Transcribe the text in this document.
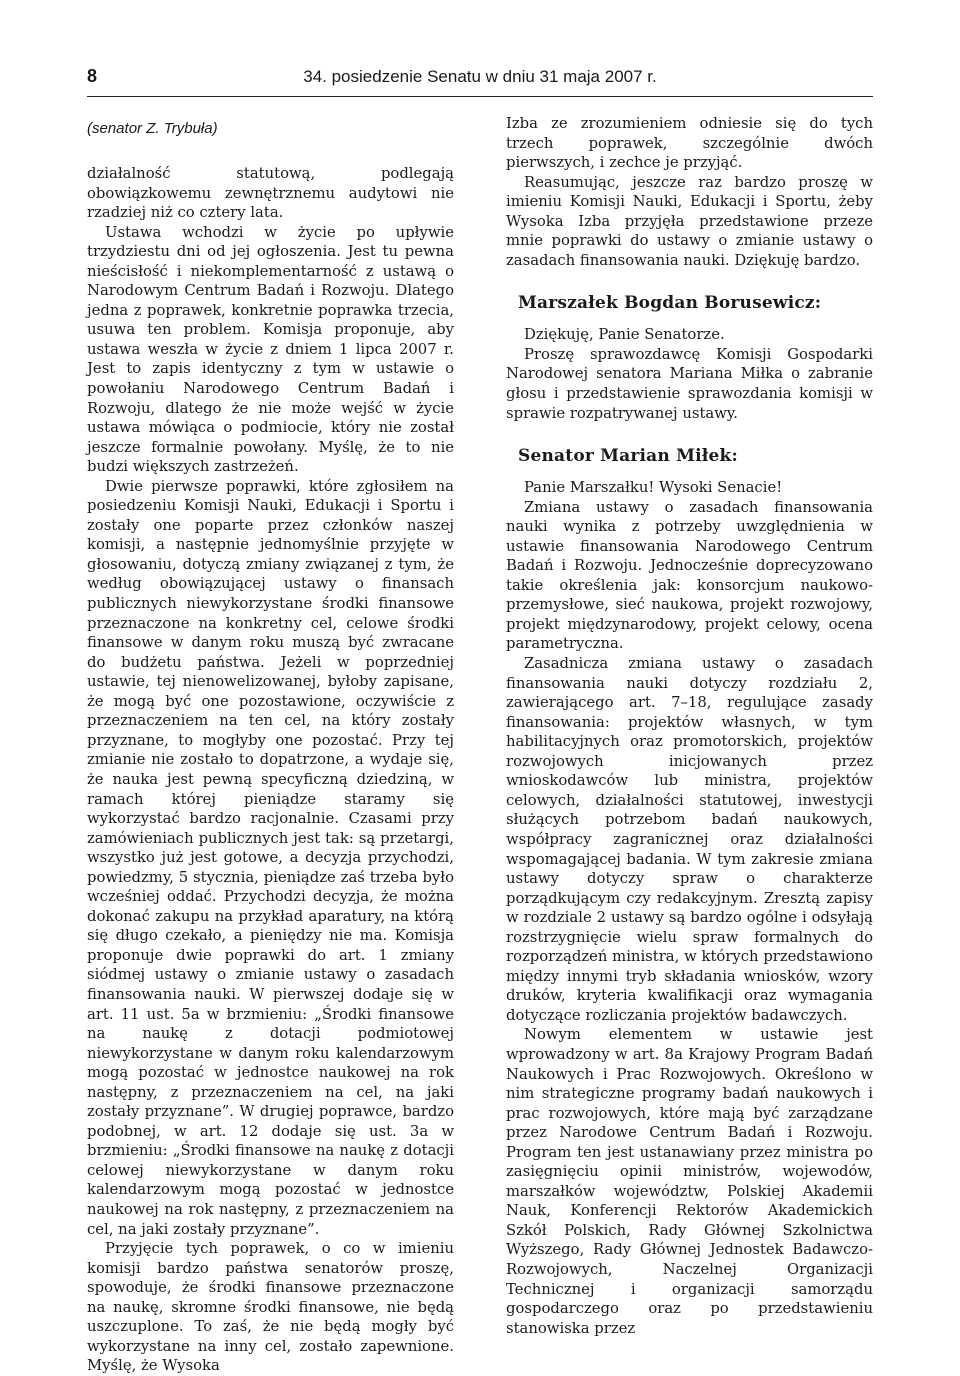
8	34. posiedzenie Senatu w dniu 31 maja 2007 r.
(senator Z. Trybuła)

działalność statutową, podlegają obowiązkowemu zewnętrznemu audytowi nie rzadziej niż co cztery lata.

Ustawa wchodzi w życie po upływie trzydziestu dni od jej ogłoszenia. Jest tu pewna nieścisłość i niekomplementarność z ustawą o Narodowym Centrum Badań i Rozwoju. Dlatego jedna z poprawek, konkretnie poprawka trzecia, usuwa ten problem. Komisja proponuje, aby ustawa weszła w życie z dniem 1 lipca 2007 r. Jest to zapis identyczny z tym w ustawie o powołaniu Narodowego Centrum Badań i Rozwoju, dlatego że nie może wejść w życie ustawa mówiąca o podmiocie, który nie został jeszcze formalnie powołany. Myślę, że to nie budzi większych zastrzeżeń.

Dwie pierwsze poprawki, które zgłosiłem na posiedzeniu Komisji Nauki, Edukacji i Sportu i zostały one poparte przez członków naszej komisji, a następnie jednomyślnie przyjęte w głosowaniu, dotyczą zmiany związanej z tym, że według obowiązującej ustawy o finansach publicznych niewykorzystane środki finansowe przeznaczone na konkretny cel, celowe środki finansowe w danym roku muszą być zwracane do budżetu państwa. Jeżeli w poprzedniej ustawie, tej nienowelizowanej, byłoby zapisane, że mogą być one pozostawione, oczywiście z przeznaczeniem na ten cel, na który zostały przyznane, to mogłyby one pozostać. Przy tej zmianie nie zostało to dopatrzone, a wydaje się, że nauka jest pewną specyficzną dziedziną, w ramach której pieniądze staramy się wykorzystać bardzo racjonalnie. Czasami przy zamówieniach publicznych jest tak: są przetargi, wszystko już jest gotowe, a decyzja przychodzi, powiedzmy, 5 stycznia, pieniądze zaś trzeba było wcześniej oddać. Przychodzi decyzja, że można dokonać zakupu na przykład aparatury, na którą się długo czekało, a pieniędzy nie ma. Komisja proponuje dwie poprawki do art. 1 zmiany siódmej ustawy o zmianie ustawy o zasadach finansowania nauki. W pierwszej dodaje się w art. 11 ust. 5a w brzmieniu: „Środki finansowe na naukę z dotacji podmiotowej niewykorzystane w danym roku kalendarzowym mogą pozostać w jednostce naukowej na rok następny, z przeznaczeniem na cel, na jaki zostały przyznane”. W drugiej poprawce, bardzo podobnej, w art. 12 dodaje się ust. 3a w brzmieniu: „Środki finansowe na naukę z dotacji celowej niewykorzystane w danym roku kalendarzowym mogą pozostać w jednostce naukowej na rok następny, z przeznaczeniem na cel, na jaki zostały przyznane”.

Przyjęcie tych poprawek, o co w imieniu komisji bardzo państwa senatorów proszę, spowoduje, że środki finansowe przeznaczone na naukę, skromne środki finansowe, nie będą uszczuplone. To zaś, że nie będą mogły być wykorzystane na inny cel, zostało zapewnione. Myślę, że Wysoka

Izba ze zrozumieniem odniesie się do tych trzech poprawek, szczególnie dwóch pierwszych, i zechce je przyjąć.

Reasumując, jeszcze raz bardzo proszę w imieniu Komisji Nauki, Edukacji i Sportu, żeby Wysoka Izba przyjęła przedstawione przeze mnie poprawki do ustawy o zmianie ustawy o zasadach finansowania nauki. Dziękuję bardzo.

Marszałek Bogdan Borusewicz:

Dziękuję, Panie Senatorze.

Proszę sprawozdawcę Komisji Gospodarki Narodowej senatora Mariana Miłka o zabranie głosu i przedstawienie sprawozdania komisji w sprawie rozpatrywanej ustawy.

Senator Marian Miłek:

Panie Marszałku! Wysoki Senacie!

Zmiana ustawy o zasadach finansowania nauki wynika z potrzeby uwzględnienia w ustawie finansowania Narodowego Centrum Badań i Rozwoju. Jednocześnie doprecyzowano takie określenia jak: konsorcjum naukowo-przemysłowe, sieć naukowa, projekt rozwojowy, projekt międzynarodowy, projekt celowy, ocena parametryczna.

Zasadnicza zmiana ustawy o zasadach finansowania nauki dotyczy rozdziału 2, zawierającego art. 7–18, regulujące zasady finansowania: projektów własnych, w tym habilitacyjnych oraz promotorskich, projektów rozwojowych inicjowanych przez wnioskodawców lub ministra, projektów celowych, działalności statutowej, inwestycji służących potrzebom badań naukowych, współpracy zagranicznej oraz działalności wspomagającej badania. W tym zakresie zmiana ustawy dotyczy spraw o charakterze porządkującym czy redakcyjnym. Zresztą zapisy w rozdziale 2 ustawy są bardzo ogólne i odsyłają rozstrzygnięcie wielu spraw formalnych do rozporządzeń ministra, w których przedstawiono między innymi tryb składania wniosków, wzory druków, kryteria kwalifikacji oraz wymagania dotyczące rozliczania projektów badawczych.

Nowym elementem w ustawie jest wprowadzony w art. 8a Krajowy Program Badań Naukowych i Prac Rozwojowych. Określono w nim strategiczne programy badań naukowych i prac rozwojowych, które mają być zarządzane przez Narodowe Centrum Badań i Rozwoju. Program ten jest ustanawiany przez ministra po zasięgnięciu opinii ministrów, wojewodów, marszałków województw, Polskiej Akademii Nauk, Konferencji Rektorów Akademickich Szkół Polskich, Rady Głównej Szkolnictwa Wyższego, Rady Głównej Jednostek Badawczo-Rozwojowych, Naczelnej Organizacji Technicznej i organizacji samorządu gospodarczego oraz po przedstawieniu stanowiska przez
